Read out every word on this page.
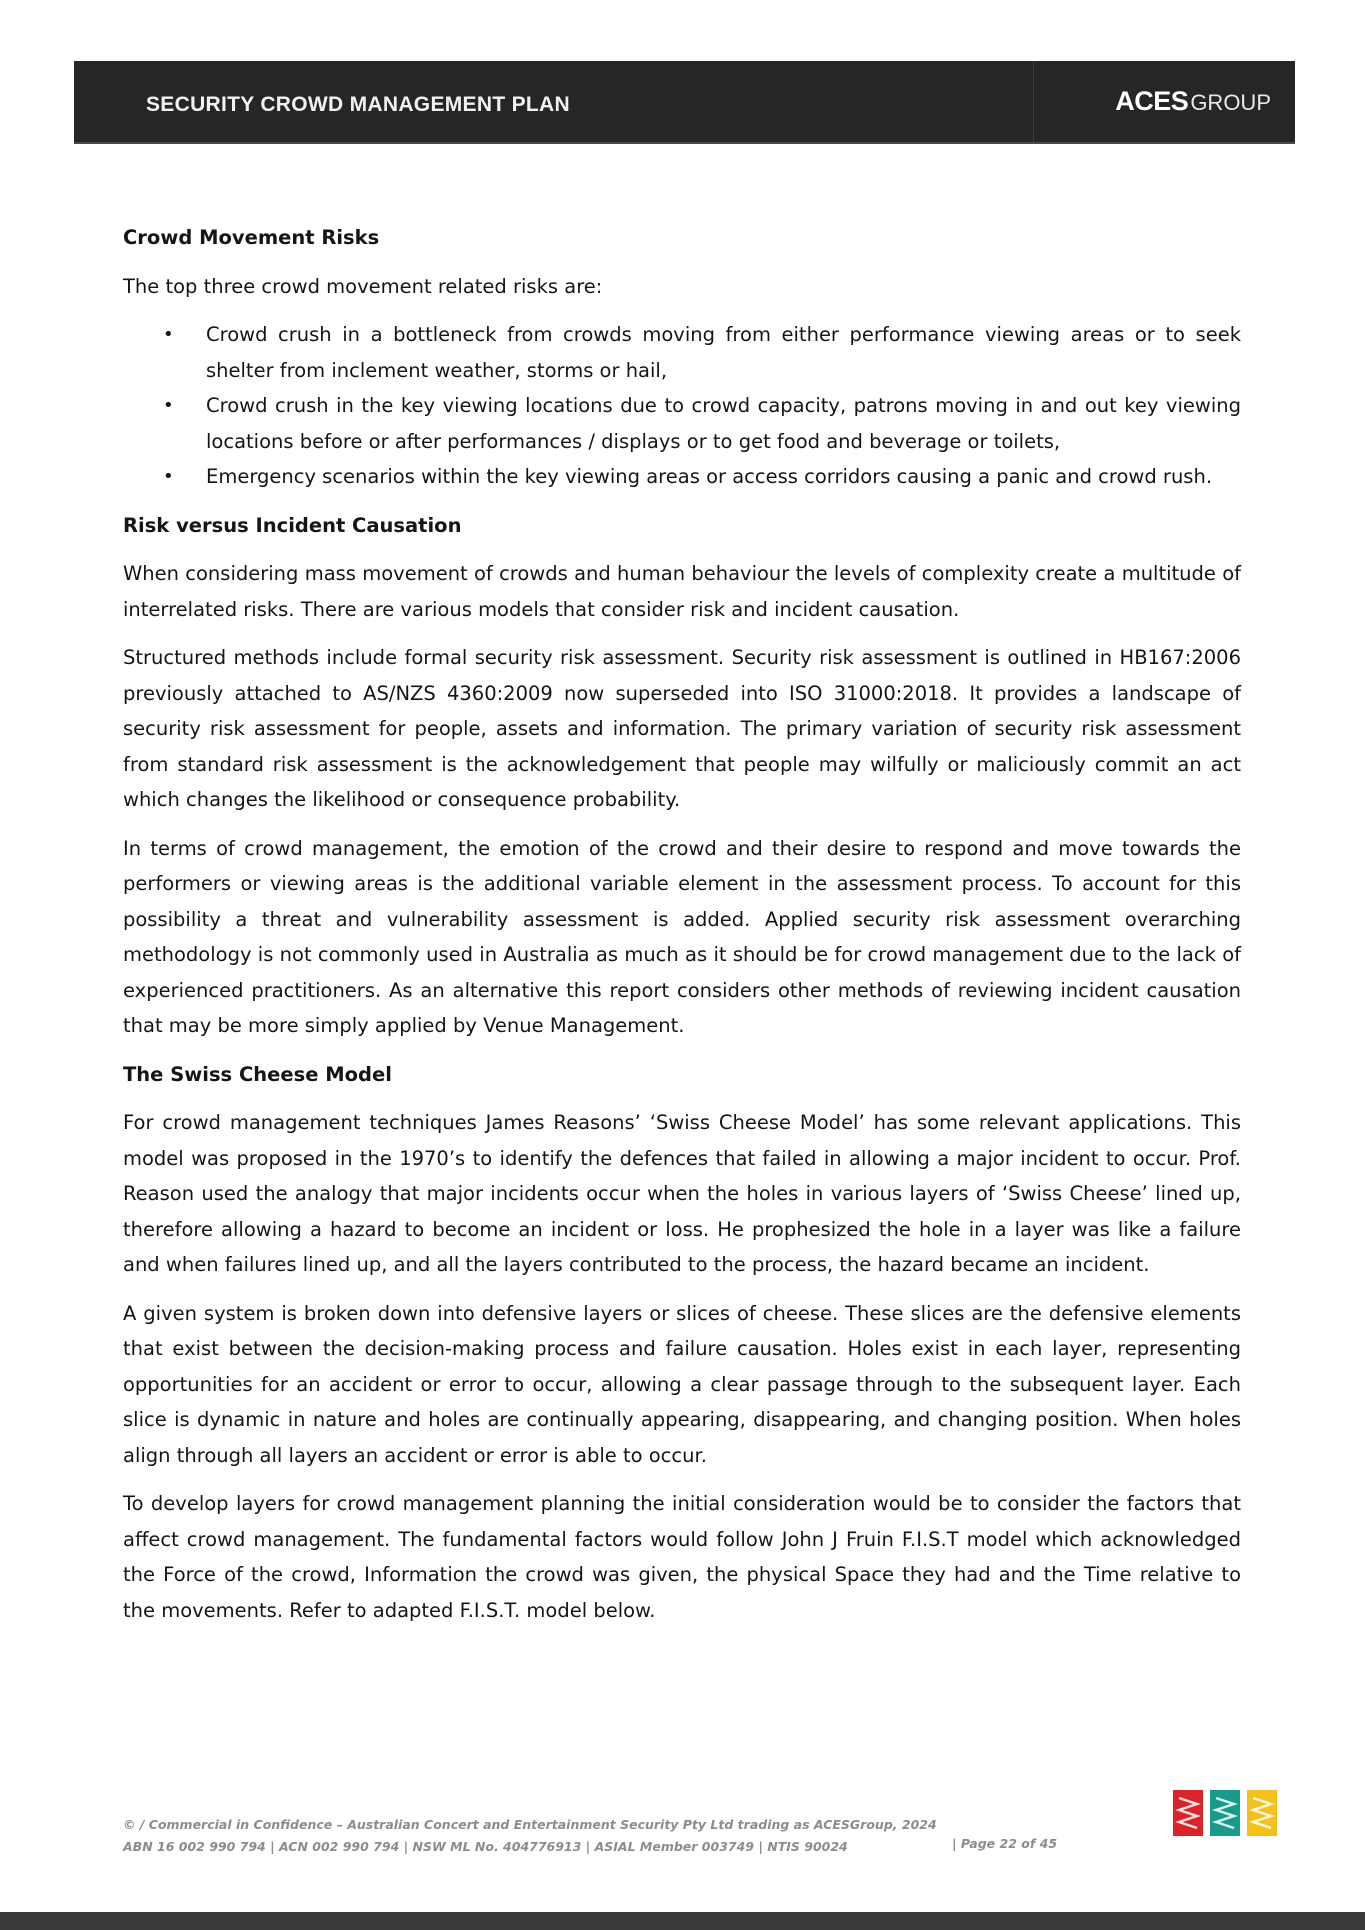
SECURITY CROWD MANAGEMENT PLAN	ACESGROUP
Crowd Movement Risks

The top three crowd movement related risks are:

• Crowd crush in a bottleneck from crowds moving from either performance viewing areas or to seek shelter from inclement weather, storms or hail,
• Crowd crush in the key viewing locations due to crowd capacity, patrons moving in and out key viewing locations before or after performances / displays or to get food and beverage or toilets,
• Emergency scenarios within the key viewing areas or access corridors causing a panic and crowd rush.
Risk versus Incident Causation

When considering mass movement of crowds and human behaviour the levels of complexity create a multitude of interrelated risks. There are various models that consider risk and incident causation.

Structured methods include formal security risk assessment. Security risk assessment is outlined in HB167:2006 previously attached to AS/NZS 4360:2009 now superseded into ISO 31000:2018. It provides a landscape of security risk assessment for people, assets and information. The primary variation of security risk assessment from standard risk assessment is the acknowledgement that people may wilfully or maliciously commit an act which changes the likelihood or consequence probability.

In terms of crowd management, the emotion of the crowd and their desire to respond and move towards the performers or viewing areas is the additional variable element in the assessment process. To account for this possibility a threat and vulnerability assessment is added. Applied security risk assessment overarching methodology is not commonly used in Australia as much as it should be for crowd management due to the lack of experienced practitioners. As an alternative this report considers other methods of reviewing incident causation that may be more simply applied by Venue Management.

The Swiss Cheese Model

For crowd management techniques James Reasons’ ‘Swiss Cheese Model’ has some relevant applications. This model was proposed in the 1970’s to identify the defences that failed in allowing a major incident to occur. Prof. Reason used the analogy that major incidents occur when the holes in various layers of ‘Swiss Cheese’ lined up, therefore allowing a hazard to become an incident or loss. He prophesized the hole in a layer was like a failure and when failures lined up, and all the layers contributed to the process, the hazard became an incident.

A given system is broken down into defensive layers or slices of cheese. These slices are the defensive elements that exist between the decision-making process and failure causation. Holes exist in each layer, representing opportunities for an accident or error to occur, allowing a clear passage through to the subsequent layer. Each slice is dynamic in nature and holes are continually appearing, disappearing, and changing position. When holes align through all layers an accident or error is able to occur.

To develop layers for crowd management planning the initial consideration would be to consider the factors that affect crowd management. The fundamental factors would follow John J Fruin F.I.S.T model which acknowledged the Force of the crowd, Information the crowd was given, the physical Space they had and the Time relative to the movements. Refer to adapted F.I.S.T. model below.

© / Commercial in Confidence – Australian Concert and Entertainment Security Pty Ltd trading as ACESGroup, 2024
ABN 16 002 990 794 | ACN 002 990 794 | NSW ML No. 404776913 | ASIAL Member 003749 | NTIS 90024	| Page 22 of 45
